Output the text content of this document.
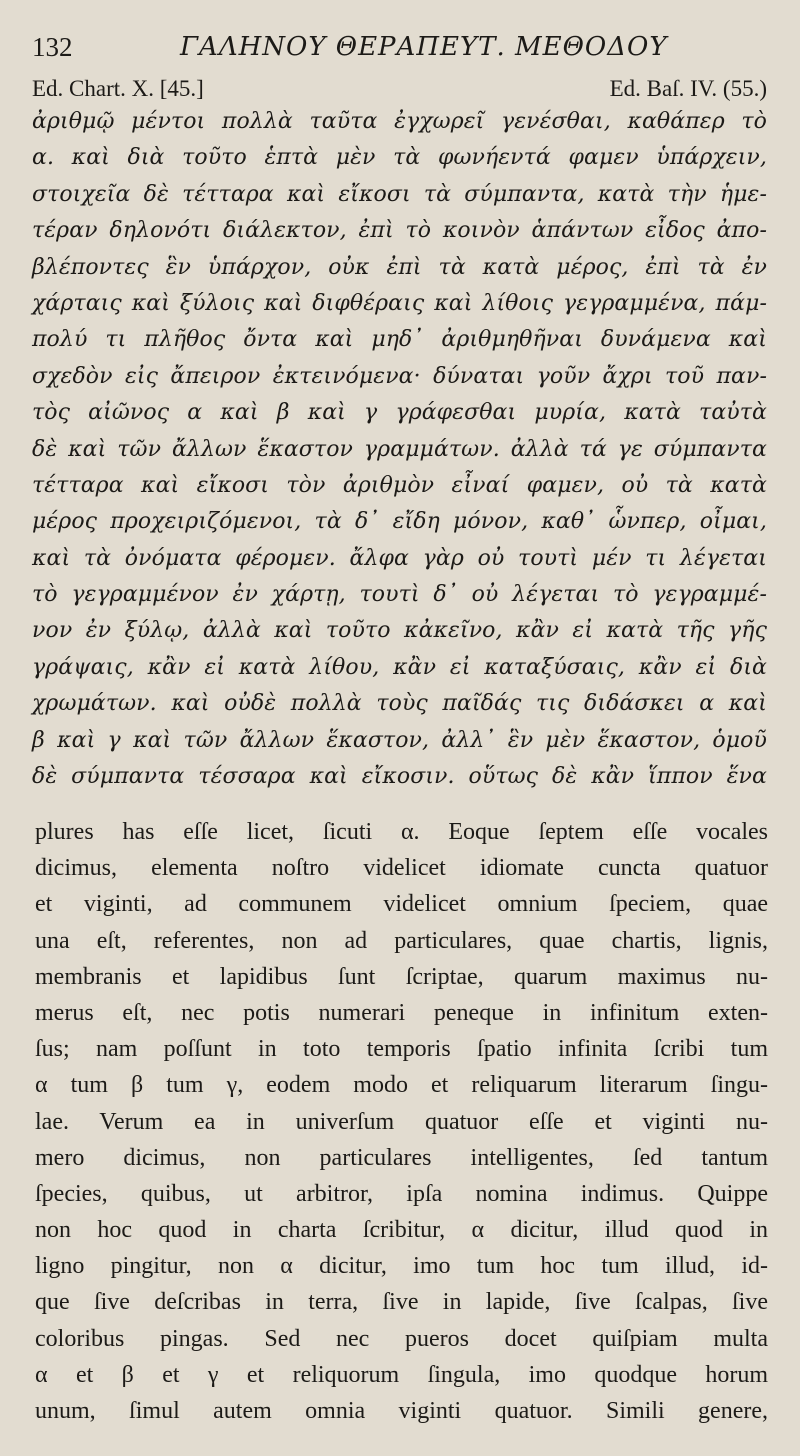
132	ΓΑΛΗΝΟΥ ΘΕΡΑΠΕΥΤ. ΜΕΘΟΔΟΥ
Ed. Chart. X. [45.]	Ed. Baſ. IV. (55.)
ἀριθμῷ μέντοι πολλὰ ταῦτα ἐγχωρεῖ γενέσθαι, καθάπερ τὸ
α. καὶ διὰ τοῦτο ἑπτὰ μὲν τὰ φωνήεντά φαμεν ὑπάρχειν,
στοιχεῖα δὲ τέτταρα καὶ εἴκοσι τὰ σύμπαντα, κατὰ τὴν ἡμε-
τέραν δηλονότι διάλεκτον, ἐπὶ τὸ κοινὸν ἁπάντων εἶδος ἀπο-
βλέποντες ἓν ὑπάρχον, οὐκ ἐπὶ τὰ κατὰ μέρος, ἐπὶ τὰ ἐν
χάρταις καὶ ξύλοις καὶ διφθέραις καὶ λίθοις γεγραμμένα, πάμ-
πολύ τι πλῆθος ὄντα καὶ μηδ᾽ ἀριθμηθῆναι δυνάμενα καὶ
σχεδὸν εἰς ἄπειρον ἐκτεινόμενα· δύναται γοῦν ἄχρι τοῦ παν-
τὸς αἰῶνος α καὶ β καὶ γ γράφεσθαι μυρία, κατὰ ταὐτὰ
δὲ καὶ τῶν ἄλλων ἕκαστον γραμμάτων. ἀλλὰ τά γε σύμπαντα
τέτταρα καὶ εἴκοσι τὸν ἀριθμὸν εἶναί φαμεν, οὐ τὰ κατὰ
μέρος προχειριζόμενοι, τὰ δ᾽ εἴδη μόνον, καθ᾽ ὧνπερ, οἶμαι,
καὶ τὰ ὀνόματα φέρομεν. ἄλφα γὰρ οὐ τουτὶ μέν τι λέγεται
τὸ γεγραμμένον ἐν χάρτῃ, τουτὶ δ᾽ οὐ λέγεται τὸ γεγραμμέ-
νον ἐν ξύλῳ, ἀλλὰ καὶ τοῦτο κἀκεῖνο, κἂν εἰ κατὰ τῆς γῆς
γράψαις, κἂν εἰ κατὰ λίθου, κἂν εἰ καταξύσαις, κἂν εἰ διὰ
χρωμάτων. καὶ οὐδὲ πολλὰ τοὺς παῖδάς τις διδάσκει α καὶ
β καὶ γ καὶ τῶν ἄλλων ἕκαστον, ἀλλ᾽ ἓν μὲν ἕκαστον, ὁμοῦ
δὲ σύμπαντα τέσσαρα καὶ εἴκοσιν. οὕτως δὲ κἂν ἵππον ἕνα
plures has eſſe licet, ſicuti α. Eoque ſeptem eſſe vocales
dicimus, elementa noſtro videlicet idiomate cuncta quatuor
et viginti, ad communem videlicet omnium ſpeciem, quae
una eſt, referentes, non ad particulares, quae chartis, lignis,
membranis et lapidibus ſunt ſcriptae, quarum maximus nu-
merus eſt, nec potis numerari peneque in infinitum exten-
ſus; nam poſſunt in toto temporis ſpatio infinita ſcribi tum
α tum β tum γ, eodem modo et reliquarum literarum ſingu-
lae. Verum ea in univerſum quatuor eſſe et viginti nu-
mero dicimus, non particulares intelligentes, ſed tantum
ſpecies, quibus, ut arbitror, ipſa nomina indimus. Quippe
non hoc quod in charta ſcribitur, α dicitur, illud quod in
ligno pingitur, non α dicitur, imo tum hoc tum illud, id-
que ſive deſcribas in terra, ſive in lapide, ſive ſcalpas, ſive
coloribus pingas. Sed nec pueros docet quiſpiam multa
α et β et γ et reliquorum ſingula, imo quodque horum
unum, ſimul autem omnia viginti quatuor. Simili genere,
